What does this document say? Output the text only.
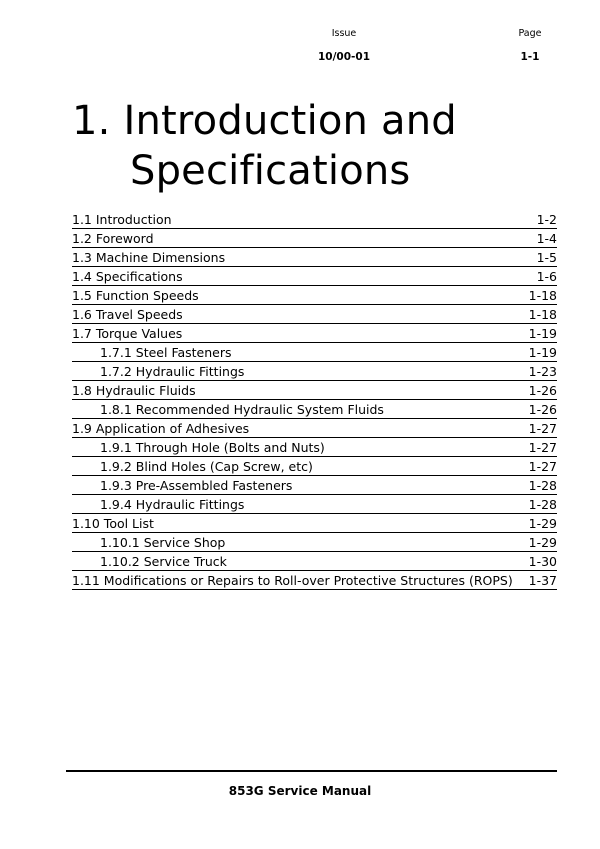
Issue
10/00-01
Page
1-1
1. Introduction and
Specifications
1.1 Introduction	1-2
1.2 Foreword	1-4
1.3 Machine Dimensions	1-5
1.4 Specifications	1-6
1.5 Function Speeds	1-18
1.6 Travel Speeds	1-18
1.7 Torque Values	1-19
1.7.1 Steel Fasteners	1-19
1.7.2 Hydraulic Fittings	1-23
1.8 Hydraulic Fluids	1-26
1.8.1 Recommended Hydraulic System Fluids	1-26
1.9 Application of Adhesives	1-27
1.9.1 Through Hole (Bolts and Nuts)	1-27
1.9.2 Blind Holes (Cap Screw, etc)	1-27
1.9.3 Pre-Assembled Fasteners	1-28
1.9.4 Hydraulic Fittings	1-28
1.10 Tool List	1-29
1.10.1 Service Shop	1-29
1.10.2 Service Truck	1-30
1.11 Modifications or Repairs to Roll-over Protective Structures (ROPS) 1-37
853G Service Manual
